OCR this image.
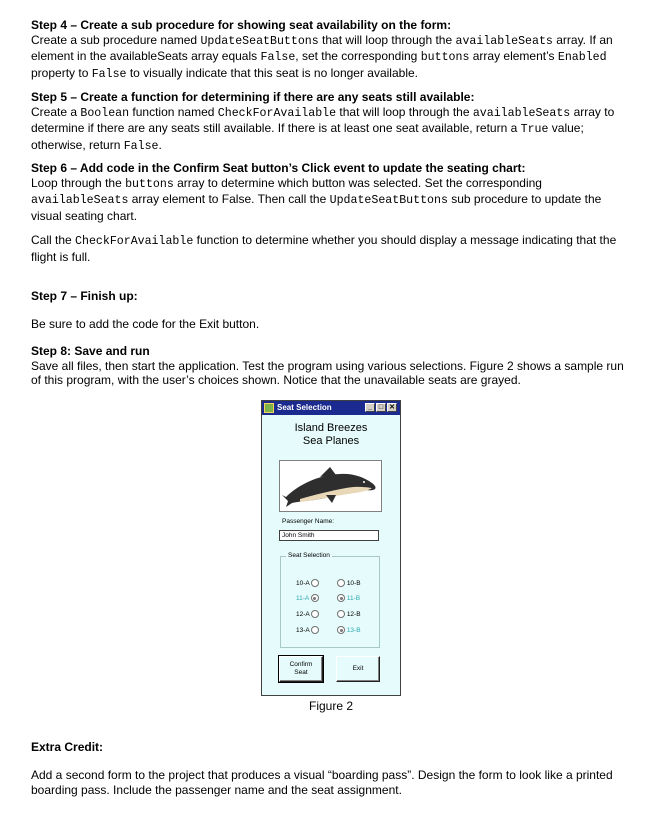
Step 4 – Create a sub procedure for showing seat availability on the form:
Create a sub procedure named UpdateSeatButtons that will loop through the availableSeats array. If an element in the availableSeats array equals False, set the corresponding buttons array element’s Enabled
property to False to visually indicate that this seat is no longer available.
Step 5 – Create a function for determining if there are any seats still available:
Create a Boolean function named CheckForAvailable that will loop through the availableSeats array to determine if there are any seats still available. If there is at least one seat available, return a True value; otherwise, return False.
Step 6 – Add code in the Confirm Seat button’s Click event to update the seating chart:
Loop through the buttons array to determine which button was selected. Set the corresponding
availableSeats array element to False. Then call the UpdateSeatButtons sub procedure to update the visual seating chart.
Call the CheckForAvailable function to determine whether you should display a message indicating that the flight is full.
Step 7 – Finish up:
Be sure to add the code for the Exit button.
Step 8: Save and run
Save all files, then start the application. Test the program using various selections. Figure 2 shows a sample run of this program, with the user’s choices shown. Notice that the unavailable seats are grayed.
Seat Selection	_ □ ✕
Island Breezes
Sea Planes
Passenger Name:
John Smith
Seat Selection
10-A
11-A
12-A
13-A
10-B
11-B
12-B
13-B
Confirm
Seat
Exit
Figure 2
Extra Credit:
Add a second form to the project that produces a visual “boarding pass”. Design the form to look like a printed boarding pass. Include the passenger name and the seat assignment.
